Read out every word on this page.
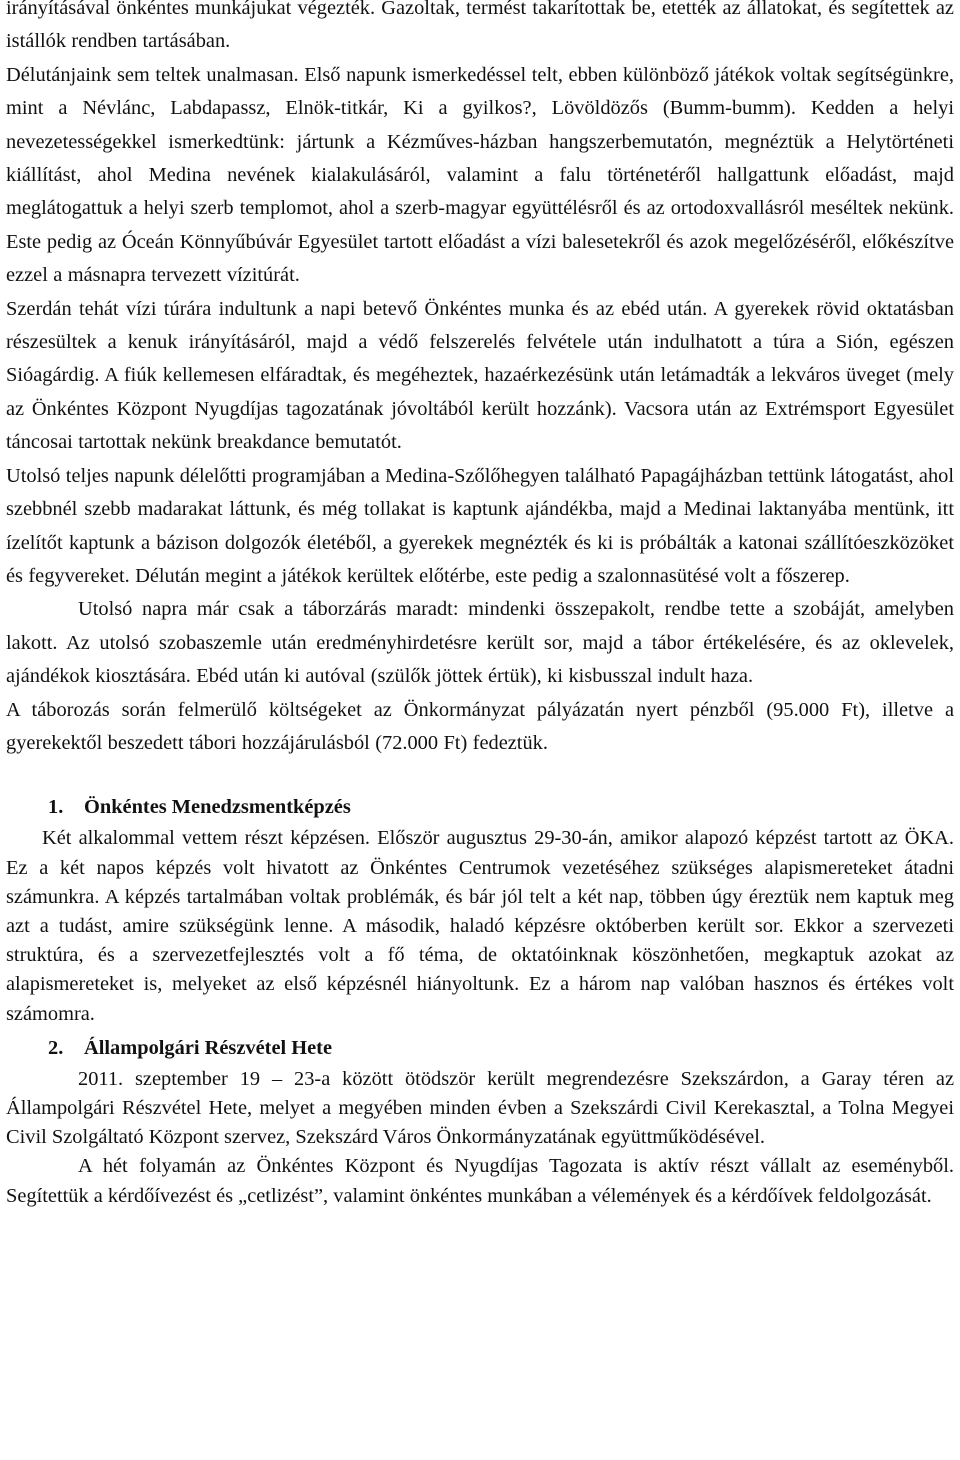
irányításával önkéntes munkájukat végezték. Gazoltak, termést takarítottak be, etették az állatokat, és segítettek az istállók rendben tartásában.

Délutánjaink sem teltek unalmasan. Első napunk ismerkedéssel telt, ebben különböző játékok voltak segítségünkre, mint a Névlánc, Labdapassz, Elnök-titkár, Ki a gyilkos?, Lövöldözős (Bumm-bumm). Kedden a helyi nevezetességekkel ismerkedtünk: jártunk a Kézműves-házban hangszerbemutatón, megnéztük a Helytörténeti kiállítást, ahol Medina nevének kialakulásáról, valamint a falu történetéről hallgattunk előadást, majd meglátogattuk a helyi szerb templomot, ahol a szerb-magyar együttélésről és az ortodoxvallásról meséltek nekünk. Este pedig az Óceán Könnyűbúvár Egyesület tartott előadást a vízi balesetekről és azok megelőzéséről, előkészítve ezzel a másnapra tervezett vízitúrát.

Szerdán tehát vízi túrára indultunk a napi betevő Önkéntes munka és az ebéd után. A gyerekek rövid oktatásban részesültek a kenuk irányításáról, majd a védő felszerelés felvétele után indulhatott a túra a Sión, egészen Sióagárdig. A fiúk kellemesen elfáradtak, és megéheztek, hazaérkezésünk után letámadták a lekváros üveget (mely az Önkéntes Központ Nyugdíjas tagozatának jóvoltából került hozzánk). Vacsora után az Extrémsport Egyesület táncosai tartottak nekünk breakdance bemutatót.

Utolsó teljes napunk délelőtti programjában a Medina-Szőlőhegyen található Papagájházban tettünk látogatást, ahol szebbnél szebb madarakat láttunk, és még tollakat is kaptunk ajándékba, majd a Medinai laktanyába mentünk, itt ízelítőt kaptunk a bázison dolgozók életéből, a gyerekek megnézték és ki is próbálták a katonai szállítóeszközöket és fegyvereket. Délután megint a játékok kerültek előtérbe, este pedig a szalonnasütésé volt a főszerep.

Utolsó napra már csak a táborzárás maradt: mindenki összepakolt, rendbe tette a szobáját, amelyben lakott. Az utolsó szobaszemle után eredményhirdetésre került sor, majd a tábor értékelésére, és az oklevelek, ajándékok kiosztására. Ebéd után ki autóval (szülők jöttek értük), ki kisbusszal indult haza.

A táborozás során felmerülő költségeket az Önkormányzat pályázatán nyert pénzből (95.000 Ft), illetve a gyerekektől beszedett tábori hozzájárulásból (72.000 Ft) fedeztük.

1.	Önkéntes Menedzsmentképzés

Két alkalommal vettem részt képzésen. Először augusztus 29-30-án, amikor alapozó képzést tartott az ÖKA. Ez a két napos képzés volt hivatott az Önkéntes Centrumok vezetéséhez szükséges alapismereteket átadni számunkra. A képzés tartalmában voltak problémák, és bár jól telt a két nap, többen úgy éreztük nem kaptuk meg azt a tudást, amire szükségünk lenne. A második, haladó képzésre októberben került sor. Ekkor a szervezeti struktúra, és a szervezetfejlesztés volt a fő téma, de oktatóinknak köszönhetően, megkaptuk azokat az alapismereteket is, melyeket az első képzésnél hiányoltunk. Ez a három nap valóban hasznos és értékes volt számomra.

2.	Állampolgári Részvétel Hete

2011. szeptember 19 – 23-a között ötödször került megrendezésre Szekszárdon, a Garay téren az Állampolgári Részvétel Hete, melyet a megyében minden évben a Szekszárdi Civil Kerekasztal, a Tolna Megyei Civil Szolgáltató Központ szervez, Szekszárd Város Önkormányzatának együttműködésével.

A hét folyamán az Önkéntes Központ és Nyugdíjas Tagozata is aktív részt vállalt az eseményből. Segítettük a kérdőívezést és „cetlizést”, valamint önkéntes munkában a vélemények és a kérdőívek feldolgozását.
